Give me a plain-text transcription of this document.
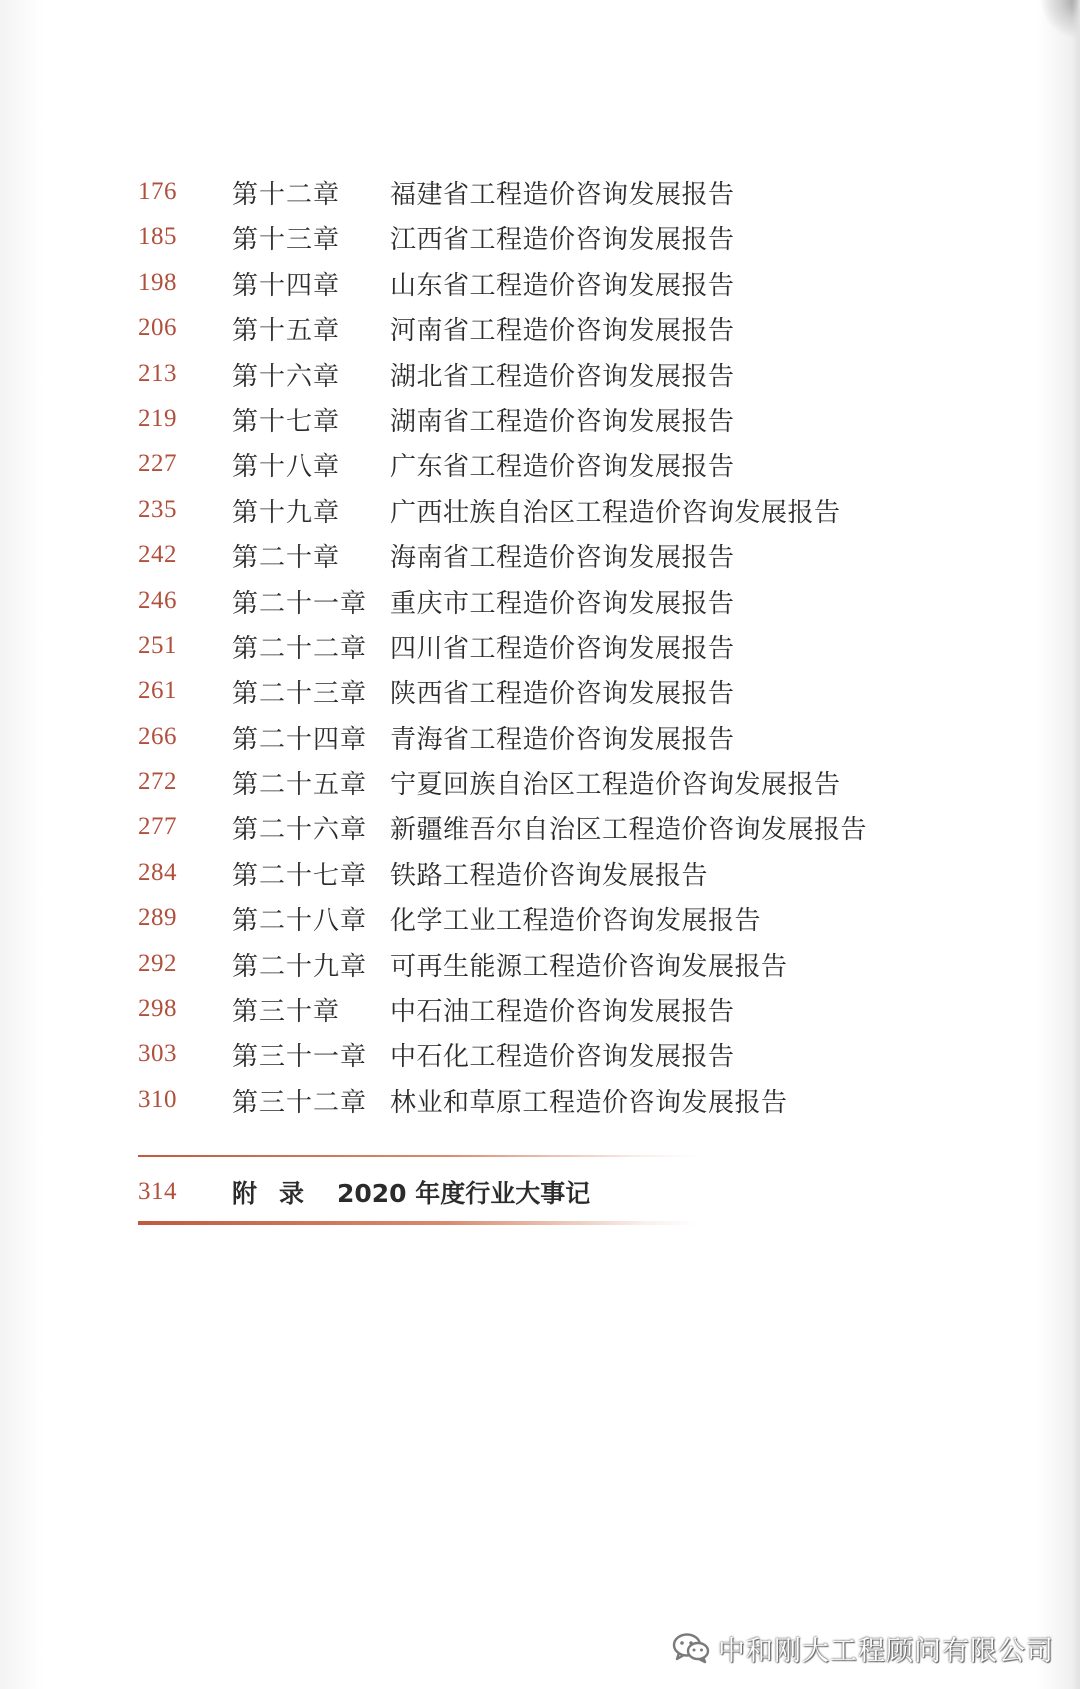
176 第十二章 福建省工程造价咨询发展报告
185 第十三章 江西省工程造价咨询发展报告
198 第十四章 山东省工程造价咨询发展报告
206 第十五章 河南省工程造价咨询发展报告
213 第十六章 湖北省工程造价咨询发展报告
219 第十七章 湖南省工程造价咨询发展报告
227 第十八章 广东省工程造价咨询发展报告
235 第十九章 广西壮族自治区工程造价咨询发展报告
242 第二十章 海南省工程造价咨询发展报告
246 第二十一章 重庆市工程造价咨询发展报告
251 第二十二章 四川省工程造价咨询发展报告
261 第二十三章 陕西省工程造价咨询发展报告
266 第二十四章 青海省工程造价咨询发展报告
272 第二十五章 宁夏回族自治区工程造价咨询发展报告
277 第二十六章 新疆维吾尔自治区工程造价咨询发展报告
284 第二十七章 铁路工程造价咨询发展报告
289 第二十八章 化学工业工程造价咨询发展报告
292 第二十九章 可再生能源工程造价咨询发展报告
298 第三十章 中石油工程造价咨询发展报告
303 第三十一章 中石化工程造价咨询发展报告
310 第三十二章 林业和草原工程造价咨询发展报告
314 附录 2020 年度行业大事记
中和刚大工程顾问有限公司
